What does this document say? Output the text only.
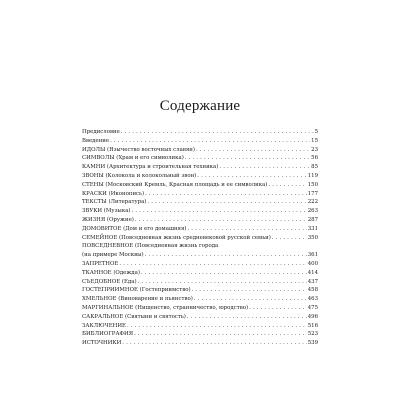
Содержание
Предисловие . . .	5
Введение . . .	15
ИДОЛЫ (Язычество восточных славян) . . .	23
СИМВОЛЫ (Храм и его символика) . . .	56
КАМНИ (Архитектура и строительная техника) . . .	85
ЗВОНЫ (Колокола и колокольный звон) . . .	119
СТЕНЫ (Московский Кремль, Красная площадь и ее символика) . . .	150
КРАСКИ (Иконопись) . . .	177
ТЕКСТЫ (Литература) . . .	222
ЗВУКИ (Музыка) . . .	263
ЖИЗНЯ (Оружие) . . .	287
ДОМОВИТОЕ (Дом и его домашняя) . . .	331
СЕМЕЙНОЕ (Повседневная жизнь средневековой русской семьи) . . .	350
ПОВСЕДНЕВНОЕ (Повседневная жизнь города
(на примере Москвы) . . .	361
ЗАПРЕТНОЕ . . .	400
ТКАННОЕ (Одежда) . . .	414
СЪЕДОБНОЕ (Еда) . . .	437
ГОСТЕПРИИМНОЕ (Гостеприимство) . . .	458
ХМЕЛЬНОЕ (Виноварение и пьянство) . . .	463
МАРГИНАЛЬНОЕ (Нищенство, странничество, юродство) . . .	475
САКРАЛЬНОЕ (Святыни и святость) . . .	496
ЗАКЛЮЧЕНИЕ . . .	516
БИБЛИОГРАФИЯ . . .	523
ИСТОЧНИКИ . . .	539
